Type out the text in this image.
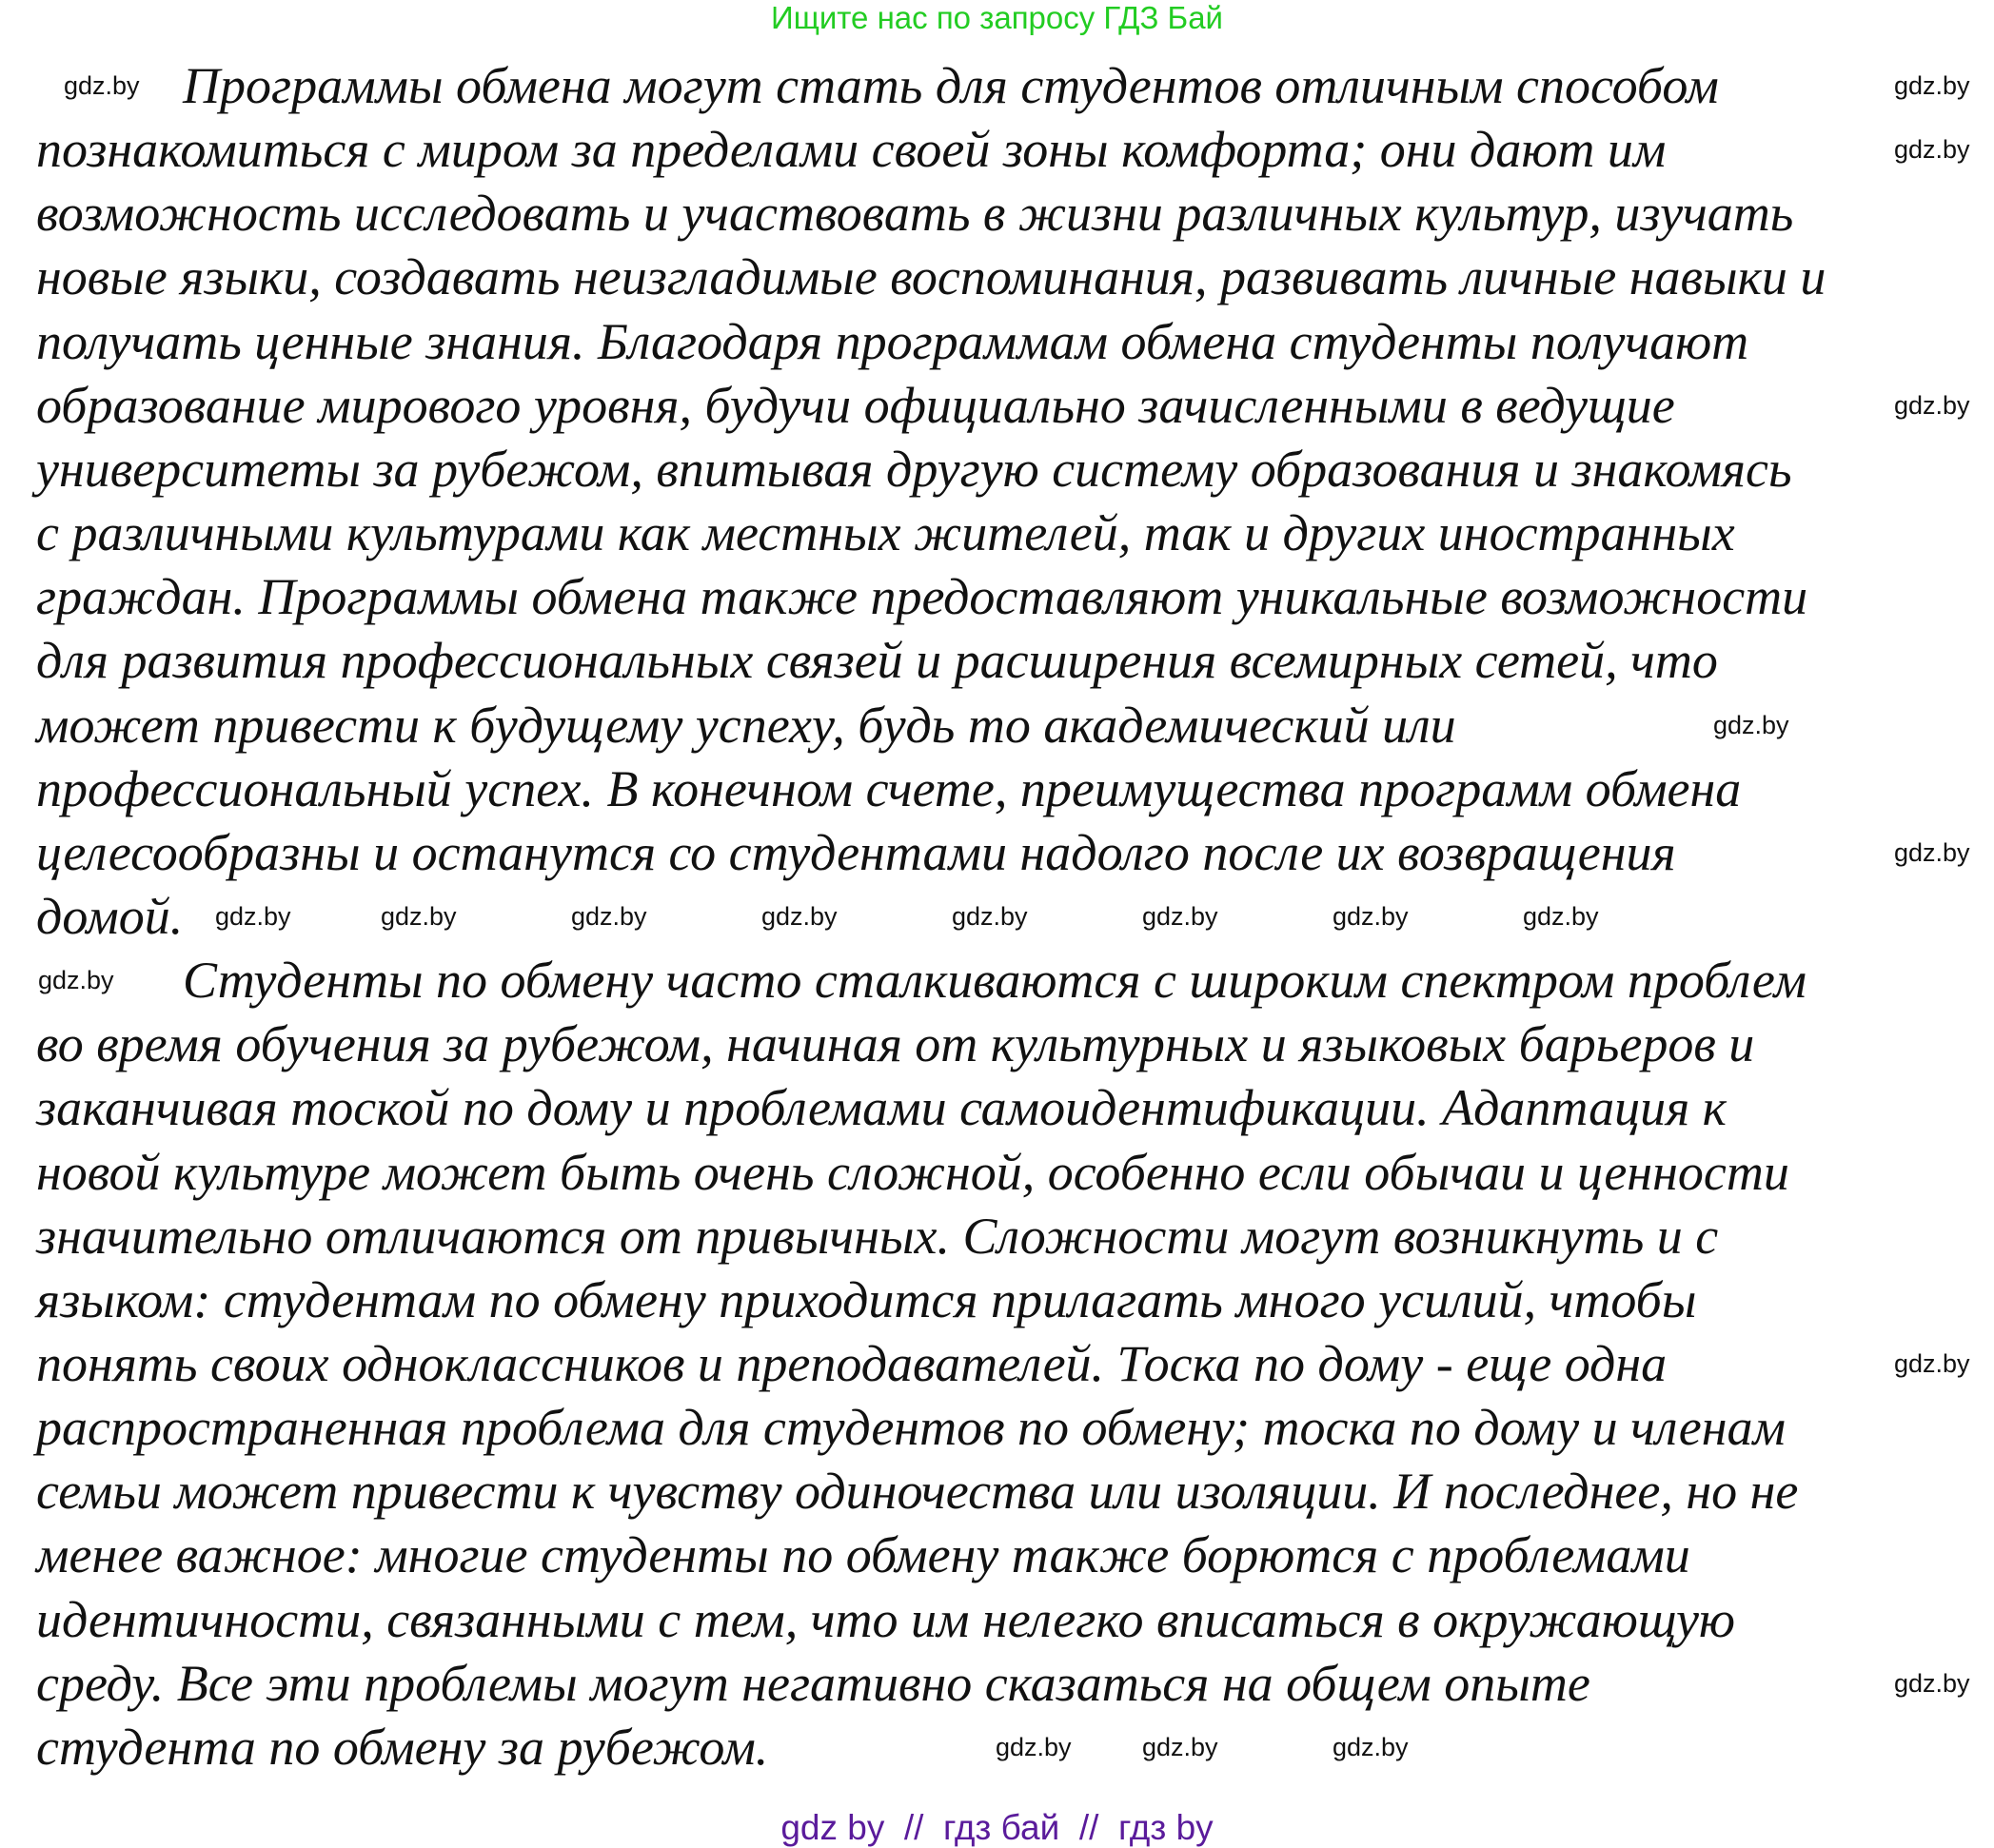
Ищите нас по запросу ГДЗ Бай
Программы обмена могут стать для студентов отличным способом
познакомиться с миром за пределами своей зоны комфорта; они дают им
возможность исследовать и участвовать в жизни различных культур, изучать
новые языки, создавать неизгладимые воспоминания, развивать личные навыки и
получать ценные знания. Благодаря программам обмена студенты получают
образование мирового уровня, будучи официально зачисленными в ведущие
университеты за рубежом, впитывая другую систему образования и знакомясь
с различными культурами как местных жителей, так и других иностранных
граждан. Программы обмена также предоставляют уникальные возможности
для развития профессиональных связей и расширения всемирных сетей, что
может привести к будущему успеху, будь то академический или
профессиональный успех. В конечном счете, преимущества программ обмена
целесообразны и останутся со студентами надолго после их возвращения
домой.
Студенты по обмену часто сталкиваются с широким спектром проблем
во время обучения за рубежом, начиная от культурных и языковых барьеров и
заканчивая тоской по дому и проблемами самоидентификации. Адаптация к
новой культуре может быть очень сложной, особенно если обычаи и ценности
значительно отличаются от привычных. Сложности могут возникнуть и с
языком: студентам по обмену приходится прилагать много усилий, чтобы
понять своих одноклассников и преподавателей. Тоска по дому - еще одна
распространенная проблема для студентов по обмену; тоска по дому и членам
семьи может привести к чувству одиночества или изоляции. И последнее, но не
менее важное: многие студенты по обмену также борются с проблемами
идентичности, связанными с тем, что им нелегко вписаться в окружающую
среду. Все эти проблемы могут негативно сказаться на общем опыте
студента по обмену за рубежом.
gdz.by	gdz.by
gdz.by
gdz.by
gdz.by
gdz.by
gdz.by	gdz.by	gdz.by	gdz.by	gdz.by	gdz.by	gdz.by	gdz.by
gdz.by
gdz.by
gdz.by
gdz.by	gdz.by	gdz.by
gdz by  //  гдз бай  //  гдз by
